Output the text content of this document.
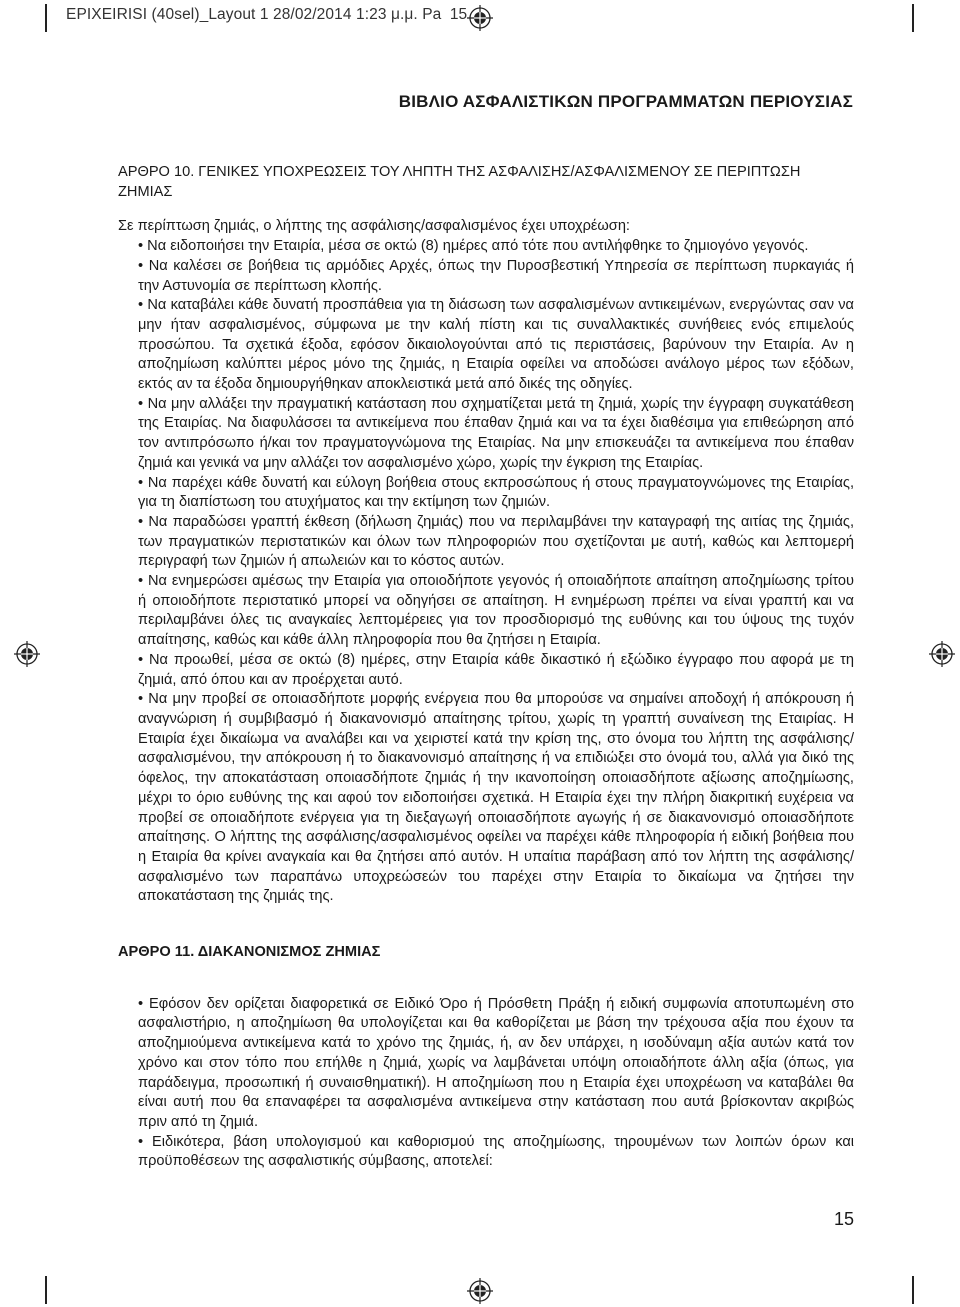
EPIXEIRISI (40sel)_Layout 1 28/02/2014 1:23 μ.μ. Pa 15
ΒΙΒΛΙΟ ΑΣΦΑΛΙΣΤΙΚΩΝ ΠΡΟΓΡΑΜΜΑΤΩΝ ΠΕΡΙΟΥΣΙΑΣ

ΑΡΘΡΟ 10. ΓΕΝΙΚΕΣ ΥΠΟΧΡΕΩΣΕΙΣ ΤΟΥ ΛΗΠΤΗ ΤΗΣ ΑΣΦΑΛΙΣΗΣ/ΑΣΦΑΛΙΣΜΕΝΟΥ ΣΕ ΠΕΡΙΠΤΩΣΗ ΖΗΜΙΑΣ

Σε περίπτωση ζημιάς, ο λήπτης της ασφάλισης/ασφαλισμένος έχει υποχρέωση:

• Να ειδοποιήσει την Εταιρία, μέσα σε οκτώ (8) ημέρες από τότε που αντιλήφθηκε το ζημιογόνο γεγονός.

• Να καλέσει σε βοήθεια τις αρμόδιες Αρχές, όπως την Πυροσβεστική Υπηρεσία σε περίπτωση πυρκαγιάς ή την Αστυνομία σε περίπτωση κλοπής.

• Να καταβάλει κάθε δυνατή προσπάθεια για τη διάσωση των ασφαλισμένων αντικειμένων, ενεργώντας σαν να μην ήταν ασφαλισμένος, σύμφωνα με την καλή πίστη και τις συναλλακτικές συνήθειες ενός επιμελούς προσώπου. Τα σχετικά έξοδα, εφόσον δικαιολογούνται από τις περιστάσεις, βαρύνουν την Εταιρία. Αν η αποζημίωση καλύπτει μέρος μόνο της ζημιάς, η Εταιρία οφείλει να αποδώσει ανάλογο μέρος των εξόδων, εκτός αν τα έξοδα δημιουργήθηκαν αποκλειστικά μετά από δικές της οδηγίες.

• Να μην αλλάξει την πραγματική κατάσταση που σχηματίζεται μετά τη ζημιά, χωρίς την έγγραφη συγκατάθεση της Εταιρίας. Να διαφυλάσσει τα αντικείμενα που έπαθαν ζημιά και να τα έχει διαθέσιμα για επιθεώρηση από τον αντιπρόσωπο ή/και τον πραγματογνώμονα της Εταιρίας. Να μην επισκευάζει τα αντικείμενα που έπαθαν ζημιά και γενικά να μην αλλάζει τον ασφαλισμένο χώρο, χωρίς την έγκριση της Εταιρίας.

• Να παρέχει κάθε δυνατή και εύλογη βοήθεια στους εκπροσώπους ή στους πραγματογνώμονες της Εταιρίας, για τη διαπίστωση του ατυχήματος και την εκτίμηση των ζημιών.

• Να παραδώσει γραπτή έκθεση (δήλωση ζημιάς) που να περιλαμβάνει την καταγραφή της αιτίας της ζημιάς, των πραγματικών περιστατικών και όλων των πληροφοριών που σχετίζονται με αυτή, καθώς και λεπτομερή περιγραφή των ζημιών ή απωλειών και το κόστος αυτών.

• Να ενημερώσει αμέσως την Εταιρία για οποιοδήποτε γεγονός ή οποιαδήποτε απαίτηση αποζημίωσης τρίτου ή οποιοδήποτε περιστατικό μπορεί να οδηγήσει σε απαίτηση. Η ενημέρωση πρέπει να είναι γραπτή και να περιλαμβάνει όλες τις αναγκαίες λεπτομέρειες για τον προσδιορισμό της ευθύνης και του ύψους της τυχόν απαίτησης, καθώς και κάθε άλλη πληροφορία που θα ζητήσει η Εταιρία.

• Να προωθεί, μέσα σε οκτώ (8) ημέρες, στην Εταιρία κάθε δικαστικό ή εξώδικο έγγραφο που αφορά με τη ζημιά, από όπου και αν προέρχεται αυτό.

• Να μην προβεί σε οποιασδήποτε μορφής ενέργεια που θα μπορούσε να σημαίνει αποδοχή ή απόκρουση ή αναγνώριση ή συμβιβασμό ή διακανονισμό απαίτησης τρίτου, χωρίς τη γραπτή συναίνεση της Εταιρίας. Η Εταιρία έχει δικαίωμα να αναλάβει και να χειριστεί κατά την κρίση της, στο όνομα του λήπτη της ασφάλισης/ασφαλισμένου, την απόκρουση ή το διακανονισμό απαίτησης ή να επιδιώξει στο όνομά του, αλλά για δικό της όφελος, την αποκατάσταση οποιασδήποτε ζημιάς ή την ικανοποίηση οποιασδήποτε αξίωσης αποζημίωσης, μέχρι το όριο ευθύνης της και αφού τον ειδοποιήσει σχετικά. Η Εταιρία έχει την πλήρη διακριτική ευχέρεια να προβεί σε οποιαδήποτε ενέργεια για τη διεξαγωγή οποιασδήποτε αγωγής ή σε διακανονισμό οποιασδήποτε απαίτησης. Ο λήπτης της ασφάλισης/ασφαλισμένος οφείλει να παρέχει κάθε πληροφορία ή ειδική βοήθεια που η Εταιρία θα κρίνει αναγκαία και θα ζητήσει από αυτόν. Η υπαίτια παράβαση από τον λήπτη της ασφάλισης/ασφαλισμένο των παραπάνω υποχρεώσεών του παρέχει στην Εταιρία το δικαίωμα να ζητήσει την αποκατάσταση της ζημιάς της.

ΑΡΘΡΟ 11. ΔΙΑΚΑΝΟΝΙΣΜΟΣ ΖΗΜΙΑΣ

• Εφόσον δεν ορίζεται διαφορετικά σε Ειδικό Όρο ή Πρόσθετη Πράξη ή ειδική συμφωνία αποτυπωμένη στο ασφαλιστήριο, η αποζημίωση θα υπολογίζεται και θα καθορίζεται με βάση την τρέχουσα αξία που έχουν τα αποζημιούμενα αντικείμενα κατά το χρόνο της ζημιάς, ή, αν δεν υπάρχει, η ισοδύναμη αξία αυτών κατά τον χρόνο και στον τόπο που επήλθε η ζημιά, χωρίς να λαμβάνεται υπόψη οποιαδήποτε άλλη αξία (όπως, για παράδειγμα, προσωπική ή συναισθηματική). Η αποζημίωση που η Εταιρία έχει υποχρέωση να καταβάλει θα είναι αυτή που θα επαναφέρει τα ασφαλισμένα αντικείμενα στην κατάσταση που αυτά βρίσκονταν ακριβώς πριν από τη ζημιά.

• Ειδικότερα, βάση υπολογισμού και καθορισμού της αποζημίωσης, τηρουμένων των λοιπών όρων και προϋποθέσεων της ασφαλιστικής σύμβασης, αποτελεί:

15
